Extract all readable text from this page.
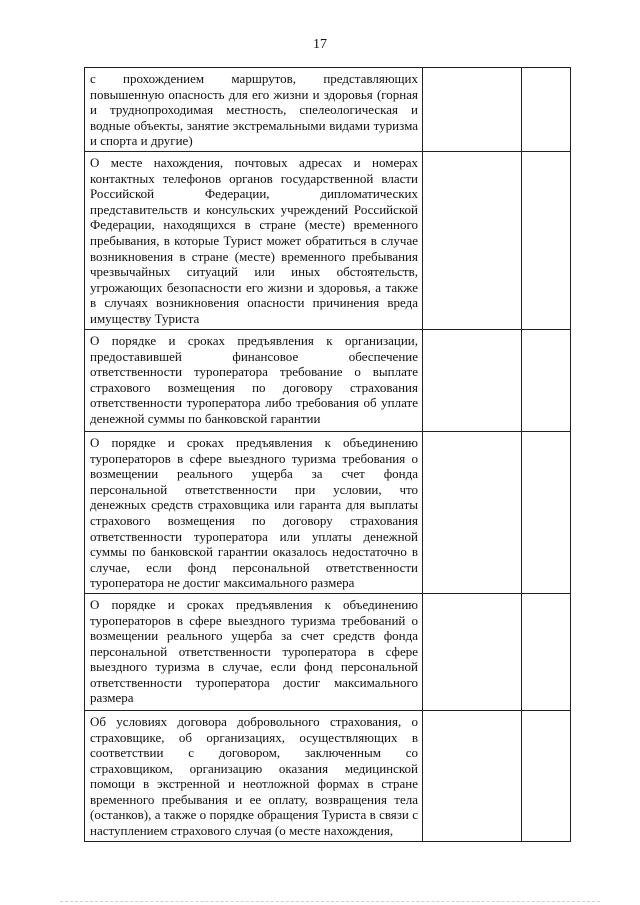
17
с прохождением маршрутов, представляющих повышенную опасность для его жизни и здоровья (горная и труднопроходимая местность, спелеологическая и водные объекты, занятие экстремальными видами туризма и спорта и другие)		

О месте нахождения, почтовых адресах и номерах контактных телефонов органов государственной власти Российской Федерации, дипломатических представительств и консульских учреждений Российской Федерации, находящихся в стране (месте) временного пребывания, в которые Турист может обратиться в случае возникновения в стране (месте) временного пребывания чрезвычайных ситуаций или иных обстоятельств, угрожающих безопасности его жизни и здоровья, а также в случаях возникновения опасности причинения вреда имуществу Туриста		

О порядке и сроках предъявления к организации, предоставившей финансовое обеспечение ответственности туроператора требование о выплате страхового возмещения по договору страхования ответственности туроператора либо требования об уплате денежной суммы по банковской гарантии		

О порядке и сроках предъявления к объединению туроператоров в сфере выездного туризма требования о возмещении реального ущерба за счет фонда персональной ответственности при условии, что денежных средств страховщика или гаранта для выплаты страхового возмещения по договору страхования ответственности туроператора или уплаты денежной суммы по банковской гарантии оказалось недостаточно в случае, если фонд персональной ответственности туроператора не достиг максимального размера		

О порядке и сроках предъявления к объединению туроператоров в сфере выездного туризма требований о возмещении реального ущерба за счет средств фонда персональной ответственности туроператора в сфере выездного туризма в случае, если фонд персональной ответственности туроператора достиг максимального размера		

Об условиях договора добровольного страхования, о страховщике, об организациях, осуществляющих в соответствии с договором, заключенным со страховщиком, организацию оказания медицинской помощи в экстренной и неотложной формах в стране временного пребывания и ее оплату, возвращения тела (останков), а также о порядке обращения Туриста в связи с наступлением страхового случая (о месте нахождения,		
